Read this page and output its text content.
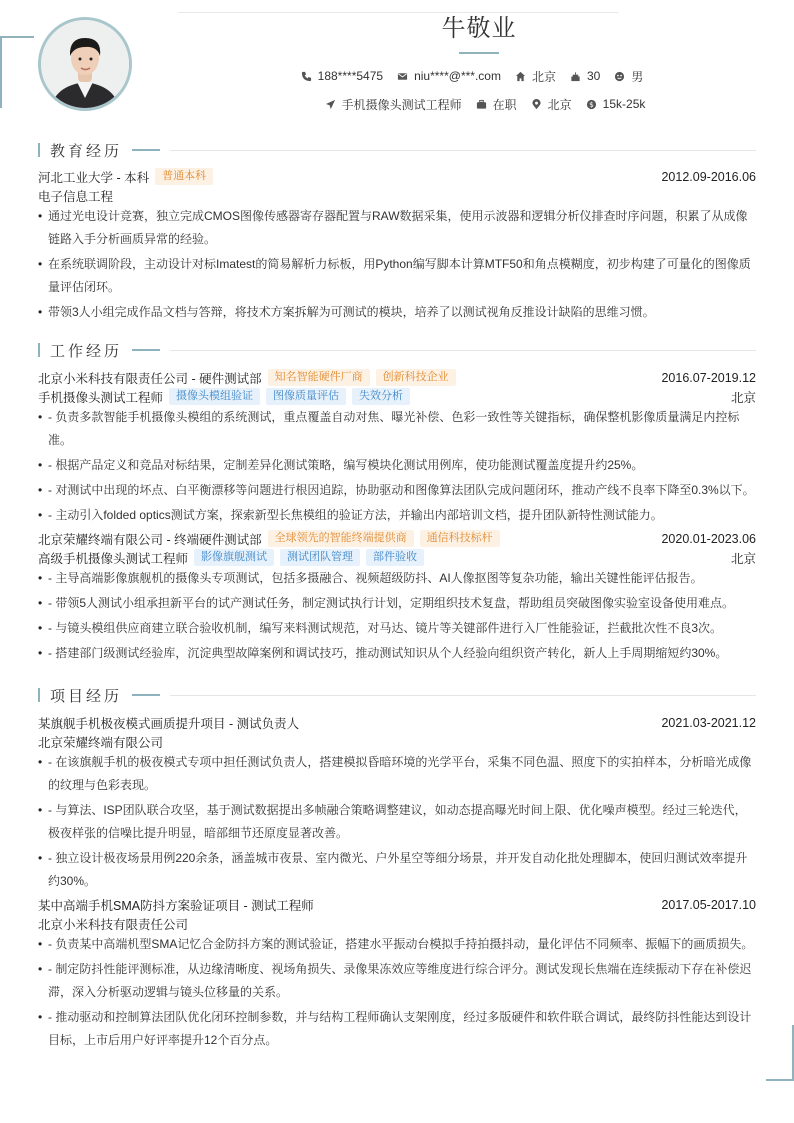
牛敬业
188****5475	niu****@***.com	北京	30	男
手机摄像头测试工程师	在职	北京 $ 15k-25k
教育经历
河北工业大学 - 本科	普通本科	2012.09-2016.06
电子信息工程
• 通过光电设计竞赛，独立完成CMOS图像传感器寄存器配置与RAW数据采集，使用示波器和逻辑分析仪排查时序问题，积累了从成像链路入手分析画质异常的经验。
• 在系统联调阶段，主动设计对标Imatest的简易解析力标板，用Python编写脚本计算MTF50和角点模糊度，初步构建了可量化的图像质量评估闭环。
• 带领3人小组完成作品文档与答辩，将技术方案拆解为可测试的模块，培养了以测试视角反推设计缺陷的思维习惯。
工作经历
北京小米科技有限责任公司 - 硬件测试部	知名智能硬件厂商	创新科技企业	2016.07-2019.12
手机摄像头测试工程师	摄像头模组验证	图像质量评估	失效分析	北京
• - 负责多款智能手机摄像头模组的系统测试，重点覆盖自动对焦、曝光补偿、色彩一致性等关键指标，确保整机影像质量满足内控标准。
• - 根据产品定义和竞品对标结果，定制差异化测试策略，编写模块化测试用例库，使功能测试覆盖度提升约25%。
• - 对测试中出现的坏点、白平衡漂移等问题进行根因追踪，协助驱动和图像算法团队完成问题闭环，推动产线不良率下降至0.3%以下。
• - 主动引入folded optics测试方案，探索新型长焦模组的验证方法，并输出内部培训文档，提升团队新特性测试能力。
北京荣耀终端有限公司 - 终端硬件测试部	全球领先的智能终端提供商	通信科技标杆	2020.01-2023.06
高级手机摄像头测试工程师	影像旗舰测试	测试团队管理	部件验收	北京
• - 主导高端影像旗舰机的摄像头专项测试，包括多摄融合、视频超级防抖、AI人像抠图等复杂功能，输出关键性能评估报告。
• - 带领5人测试小组承担新平台的试产测试任务，制定测试执行计划，定期组织技术复盘，帮助组员突破图像实验室设备使用难点。
• - 与镜头模组供应商建立联合验收机制，编写来料测试规范，对马达、镜片等关键部件进行入厂性能验证，拦截批次性不良3次。
• - 搭建部门级测试经验库，沉淀典型故障案例和调试技巧，推动测试知识从个人经验向组织资产转化，新人上手周期缩短约30%。
项目经历
某旗舰手机极夜模式画质提升项目 - 测试负责人	2021.03-2021.12
北京荣耀终端有限公司
• - 在该旗舰手机的极夜模式专项中担任测试负责人，搭建模拟昏暗环境的光学平台，采集不同色温、照度下的实拍样本，分析暗光成像的纹理与色彩表现。
• - 与算法、ISP团队联合攻坚，基于测试数据提出多帧融合策略调整建议，如动态提高曝光时间上限、优化噪声模型。经过三轮迭代，极夜样张的信噪比提升明显，暗部细节还原度显著改善。
• - 独立设计极夜场景用例220余条，涵盖城市夜景、室内微光、户外星空等细分场景，并开发自动化批处理脚本，使回归测试效率提升约30%。
某中高端手机SMA防抖方案验证项目 - 测试工程师	2017.05-2017.10
北京小米科技有限责任公司
• - 负责某中高端机型SMA记忆合金防抖方案的测试验证，搭建水平振动台模拟手持拍摄抖动，量化评估不同频率、振幅下的画质损失。
• - 制定防抖性能评测标准，从边缘清晰度、视场角损失、录像果冻效应等维度进行综合评分。测试发现长焦端在连续振动下存在补偿迟滞，深入分析驱动逻辑与镜头位移量的关系。
• - 推动驱动和控制算法团队优化闭环控制参数，并与结构工程师确认支架刚度，经过多版硬件和软件联合调试，最终防抖性能达到设计目标，上市后用户好评率提升12个百分点。
